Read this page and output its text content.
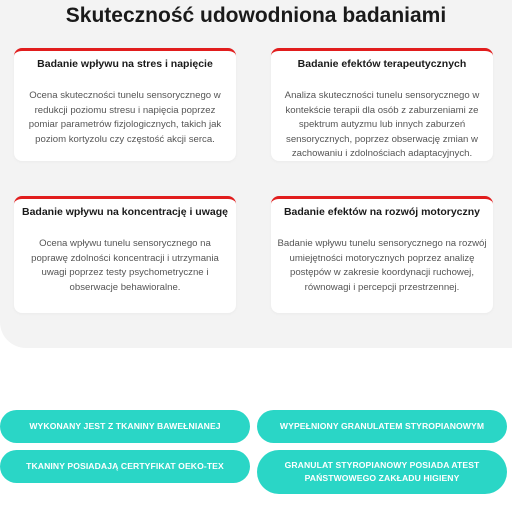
Skuteczność udowodniona badaniami
Badanie wpływu na stres i napięcie

Ocena skuteczności tunelu sensorycznego w redukcji poziomu stresu i napięcia poprzez pomiar parametrów fizjologicznych, takich jak poziom kortyzolu czy częstość akcji serca.

Badanie efektów terapeutycznych

Analiza skuteczności tunelu sensorycznego w kontekście terapii dla osób z zaburzeniami ze spektrum autyzmu lub innych zaburzeń sensorycznych, poprzez obserwację zmian w zachowaniu i zdolnościach adaptacyjnych.

Badanie wpływu na koncentrację i uwagę

Ocena wpływu tunelu sensorycznego na poprawę zdolności koncentracji i utrzymania uwagi poprzez testy psychometryczne i obserwacje behawioralne.

Badanie efektów na rozwój motoryczny

Badanie wpływu tunelu sensorycznego na rozwój umiejętności motorycznych poprzez analizę postępów w zakresie koordynacji ruchowej, równowagi i percepcji przestrzennej.

WYKONANY JEST Z TKANINY BAWEŁNIANEJ	WYPEŁNIONY GRANULATEM STYROPIANOWYM
TKANINY POSIADAJĄ CERTYFIKAT OEKO-TEX	GRANULAT STYROPIANOWY POSIADA ATEST PAŃSTWOWEGO ZAKŁADU HIGIENY
